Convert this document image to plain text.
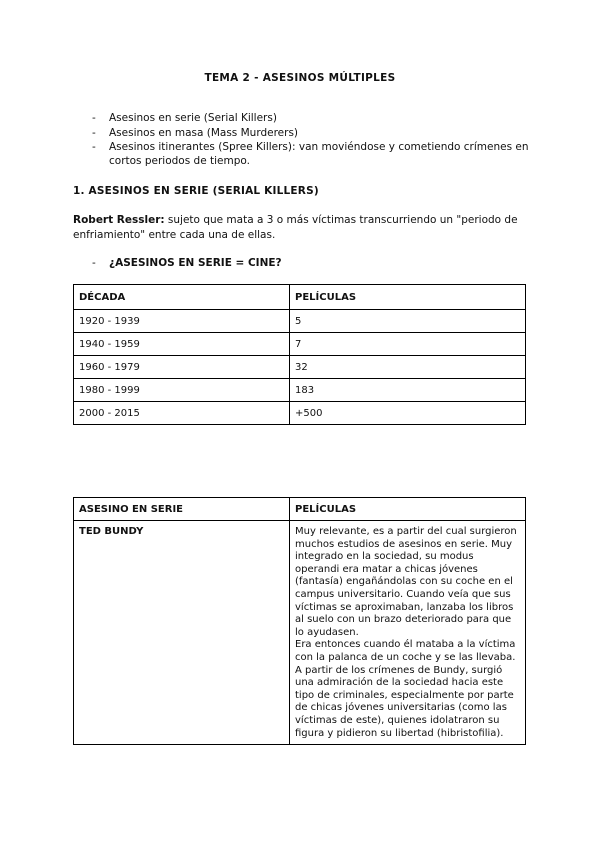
TEMA 2 - ASESINOS MÚLTIPLES
- Asesinos en serie (Serial Killers)
- Asesinos en masa (Mass Murderers)
- Asesinos itinerantes (Spree Killers): van moviéndose y cometiendo crímenes en cortos periodos de tiempo.
1. ASESINOS EN SERIE (SERIAL KILLERS)
Robert Ressler: sujeto que mata a 3 o más víctimas transcurriendo un "periodo de enfriamiento" entre cada una de ellas.
- ¿ASESINOS EN SERIE = CINE?
DÉCADA	PELÍCULAS
1920 - 1939	5
1940 - 1959	7
1960 - 1979	32
1980 - 1999	183
2000 - 2015	+500
ASESINO EN SERIE	PELÍCULAS
TED BUNDY	Muy relevante, es a partir del cual surgieron muchos estudios de asesinos en serie. Muy integrado en la sociedad, su modus operandi era matar a chicas jóvenes (fantasía) engañándolas con su coche en el campus universitario. Cuando veía que sus víctimas se aproximaban, lanzaba los libros al suelo con un brazo deteriorado para que lo ayudasen.
Era entonces cuando él mataba a la víctima con la palanca de un coche y se las llevaba. A partir de los crímenes de Bundy, surgió una admiración de la sociedad hacia este tipo de criminales, especialmente por parte de chicas jóvenes universitarias (como las víctimas de este), quienes idolatraron su figura y pidieron su libertad (hibristofilia).
